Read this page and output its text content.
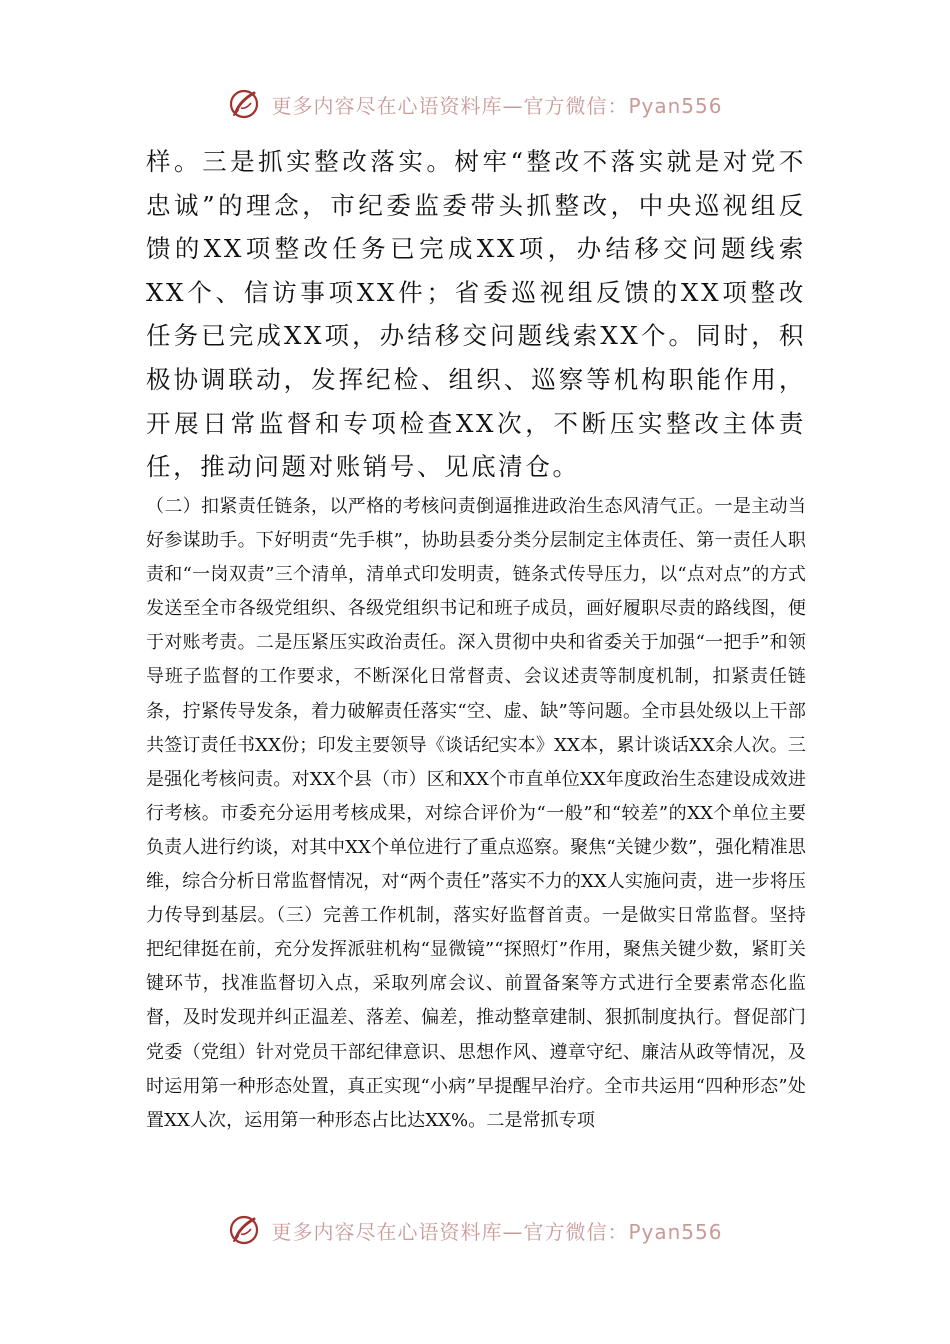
更多内容尽在心语资料库—官方微信：Pyan556

样。三是抓实整改落实。树牢“整改不落实就是对党不忠诚”的理念，市纪委监委带头抓整改，中央巡视组反馈的XX项整改任务已完成XX项，办结移交问题线索XX个、信访事项XX件；省委巡视组反馈的XX项整改任务已完成XX项，办结移交问题线索XX个。同时，积极协调联动，发挥纪检、组织、巡察等机构职能作用，开展日常监督和专项检查XX次，不断压实整改主体责任，推动问题对账销号、见底清仓。

（二）扣紧责任链条，以严格的考核问责倒逼推进政治生态风清气正。一是主动当好参谋助手。下好明责“先手棋”，协助县委分类分层制定主体责任、第一责任人职责和“一岗双责”三个清单，清单式印发明责，链条式传导压力，以“点对点”的方式发送至全市各级党组织、各级党组织书记和班子成员，画好履职尽责的路线图，便于对账考责。二是压紧压实政治责任。深入贯彻中央和省委关于加强“一把手”和领导班子监督的工作要求，不断深化日常督责、会议述责等制度机制，扣紧责任链条，拧紧传导发条，着力破解责任落实“空、虚、缺”等问题。全市县处级以上干部共签订责任书XX份；印发主要领导《谈话纪实本》XX本，累计谈话XX余人次。三是强化考核问责。对XX个县（市）区和XX个市直单位XX年度政治生态建设成效进行考核。市委充分运用考核成果，对综合评价为“一般”和“较差”的XX个单位主要负责人进行约谈，对其中XX个单位进行了重点巡察。聚焦“关键少数”，强化精准思维，综合分析日常监督情况，对“两个责任”落实不力的XX人实施问责，进一步将压力传导到基层。（三）完善工作机制，落实好监督首责。一是做实日常监督。坚持把纪律挺在前，充分发挥派驻机构“显微镜”“探照灯”作用，聚焦关键少数，紧盯关键环节，找准监督切入点，采取列席会议、前置备案等方式进行全要素常态化监督，及时发现并纠正温差、落差、偏差，推动整章建制、狠抓制度执行。督促部门党委（党组）针对党员干部纪律意识、思想作风、遵章守纪、廉洁从政等情况，及时运用第一种形态处置，真正实现“小病”早提醒早治疗。全市共运用“四种形态”处置XX人次，运用第一种形态占比达XX%。二是常抓专项

更多内容尽在心语资料库—官方微信：Pyan556
